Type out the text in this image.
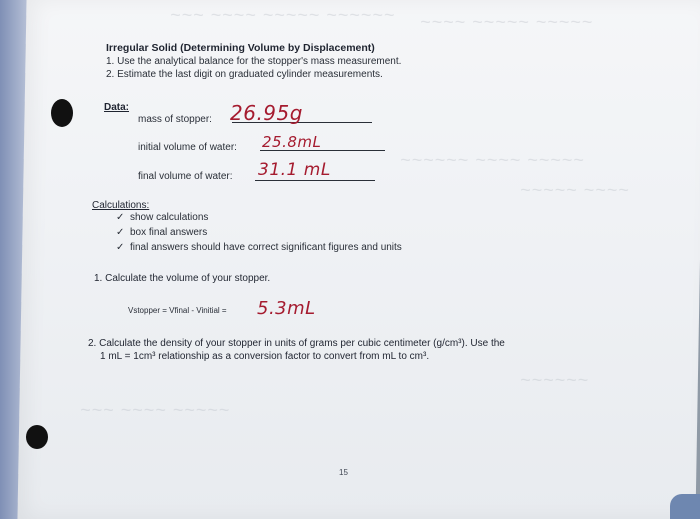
~~~ ~~~~ ~~~~~ ~~~~~~ ~~~~ ~~~~~ ~~~~~
~~~~~~ ~~~~ ~~~~~
~~~~~ ~~~~
~~~ ~~~~ ~~~~~
~~~~~~
Irregular Solid (Determining Volume by Displacement)
1. Use the analytical balance for the stopper's mass measurement.
2. Estimate the last digit on graduated cylinder measurements.
Data:
mass of stopper: 26.95g
initial volume of water: 25.8mL
final volume of water: 31.1 mL
Calculations:
✓ show calculations
✓ box final answers
✓ final answers should have correct significant figures and units
1. Calculate the volume of your stopper.
Vstopper = Vfinal - Vinitial = 5.3mL
2. Calculate the density of your stopper in units of grams per cubic centimeter (g/cm³). Use the
1 mL = 1cm³ relationship as a conversion factor to convert from mL to cm³.
15
